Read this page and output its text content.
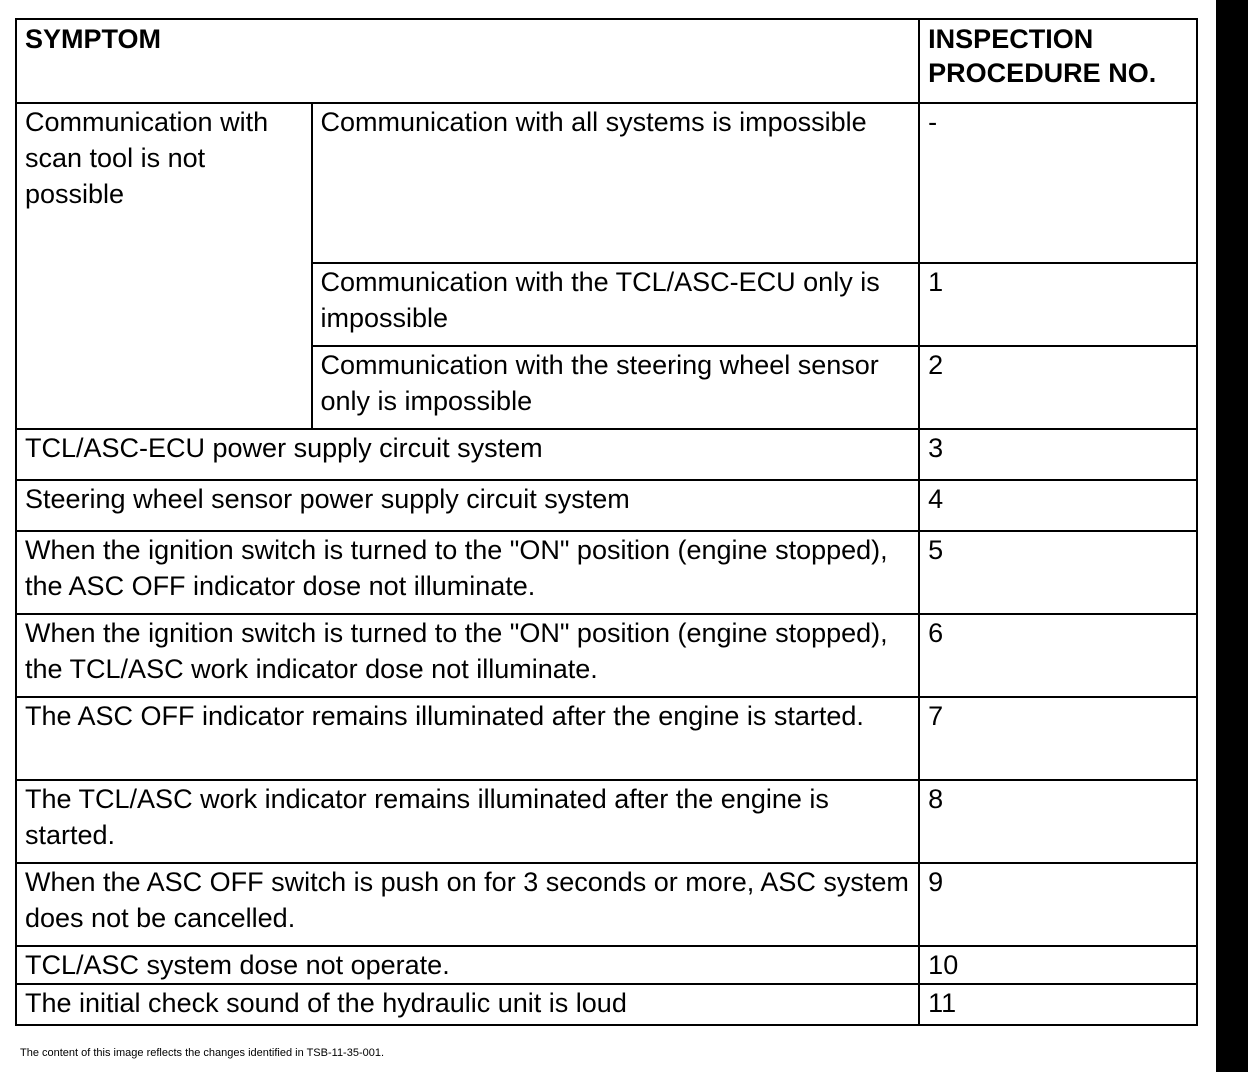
SYMPTOM		INSPECTION
PROCEDURE NO.
Communication with scan tool is not possible	Communication with all systems is impossible	-
	Communication with the TCL/ASC-ECU only is impossible	1
	Communication with the steering wheel sensor only is impossible	2
TCL/ASC-ECU power supply circuit system		3
Steering wheel sensor power supply circuit system		4
When the ignition switch is turned to the "ON" position (engine stopped), the ASC OFF indicator dose not illuminate.		5
When the ignition switch is turned to the "ON" position (engine stopped), the TCL/ASC work indicator dose not illuminate.		6
The ASC OFF indicator remains illuminated after the engine is started.		7
The TCL/ASC work indicator remains illuminated after the engine is started.		8
When the ASC OFF switch is push on for 3 seconds or more, ASC system does not be cancelled.		9
TCL/ASC system dose not operate.		10
The initial check sound of the hydraulic unit is loud		11
The content of this image reflects the changes identified in TSB-11-35-001.
